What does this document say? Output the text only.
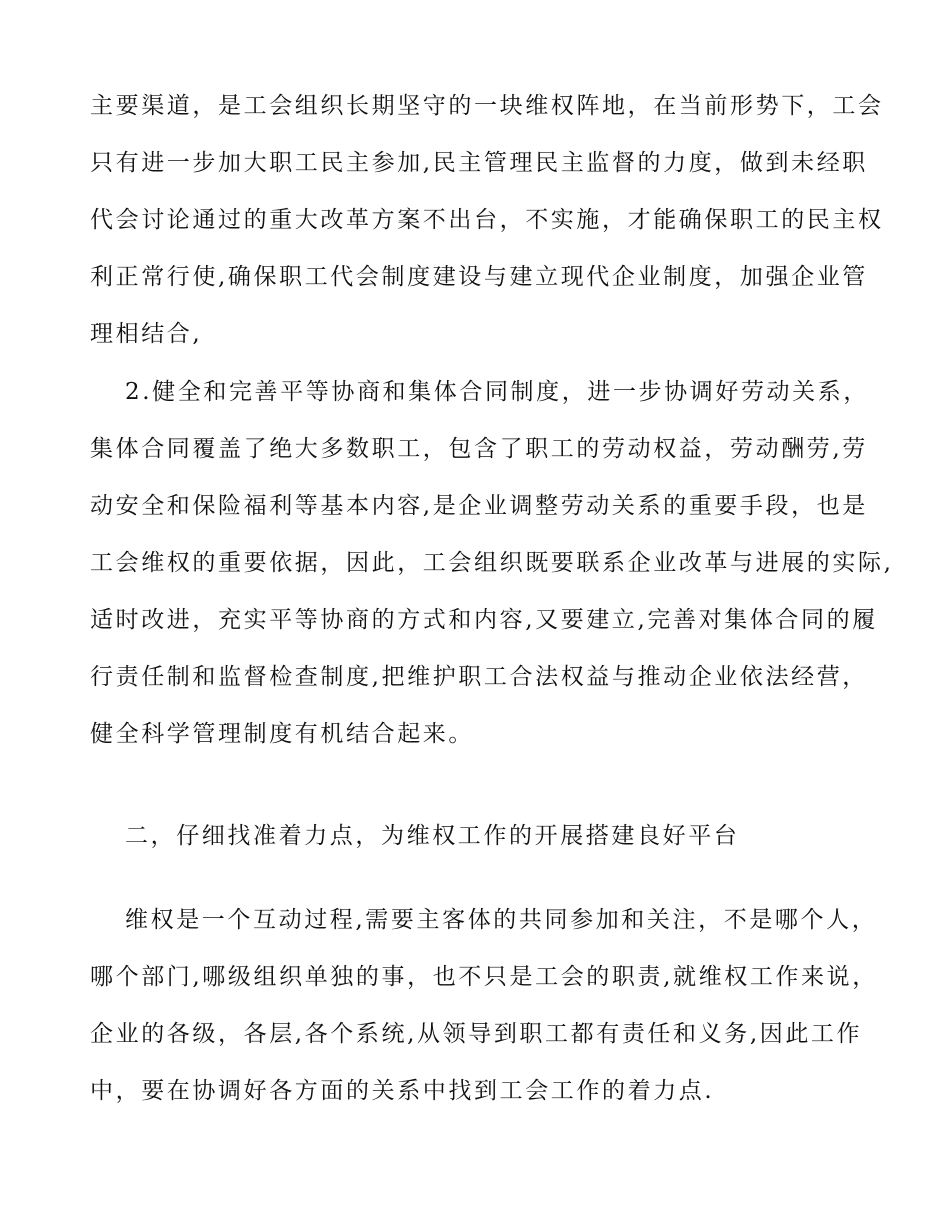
主要渠道，是工会组织长期坚守的一块维权阵地，在当前形势下，工会
只有进一步加大职工民主参加,民主管理民主监督的力度，做到未经职
代会讨论通过的重大改革方案不出台，不实施，才能确保职工的民主权
利正常行使,确保职工代会制度建设与建立现代企业制度，加强企业管
理相结合,
2.健全和完善平等协商和集体合同制度，进一步协调好劳动关系，
集体合同覆盖了绝大多数职工，包含了职工的劳动权益，劳动酬劳,劳
动安全和保险福利等基本内容,是企业调整劳动关系的重要手段，也是
工会维权的重要依据，因此，工会组织既要联系企业改革与进展的实际,
适时改进，充实平等协商的方式和内容,又要建立,完善对集体合同的履
行责任制和监督检查制度,把维护职工合法权益与推动企业依法经营，
健全科学管理制度有机结合起来。
二，仔细找准着力点，为维权工作的开展搭建良好平台
维权是一个互动过程,需要主客体的共同参加和关注，不是哪个人，
哪个部门,哪级组织单独的事，也不只是工会的职责,就维权工作来说，
企业的各级，各层,各个系统,从领导到职工都有责任和义务,因此工作
中，要在协调好各方面的关系中找到工会工作的着力点.
